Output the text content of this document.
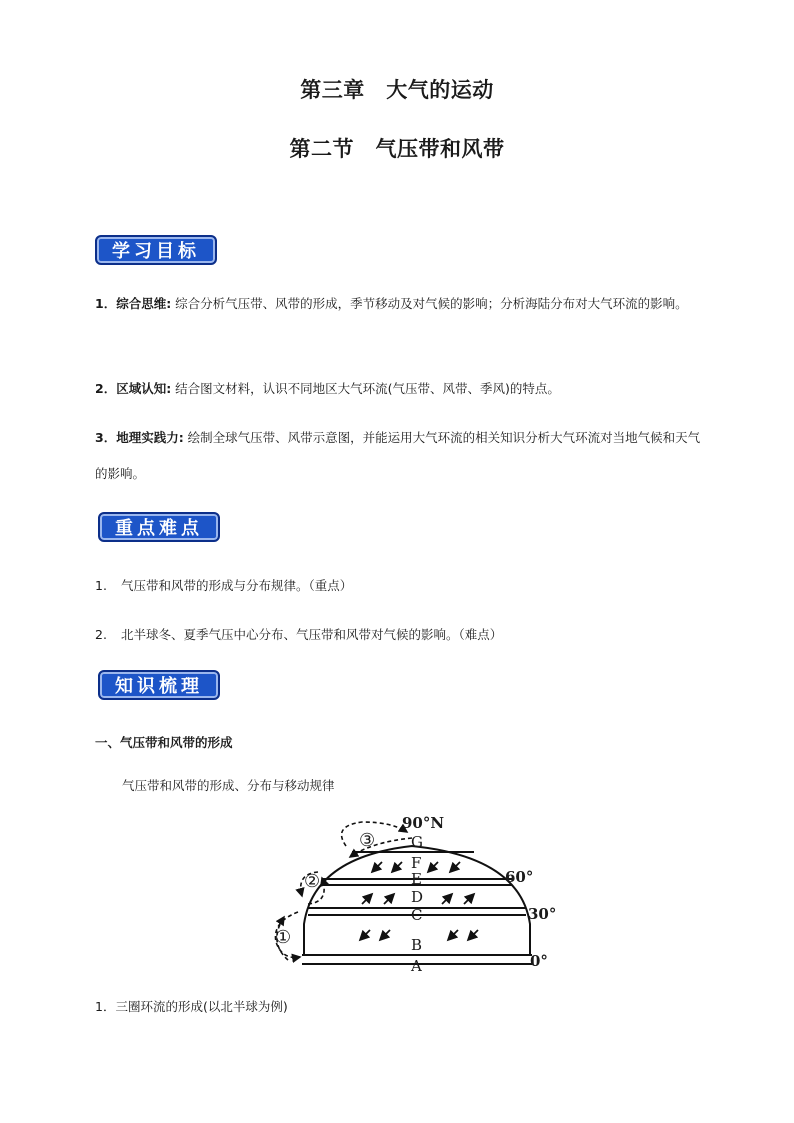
第三章　大气的运动
第二节　气压带和风带
学习目标
1．综合思维: 综合分析气压带、风带的形成，季节移动及对气候的影响；分析海陆分布对大气环流的影响。
2．区域认知: 结合图文材料，认识不同地区大气环流(气压带、风带、季风)的特点。
3．地理实践力: 绘制全球气压带、风带示意图，并能运用大气环流的相关知识分析大气环流对当地气候和天气的影响。
重点难点
1. 气压带和风带的形成与分布规律。（重点）
2. 北半球冬、夏季气压中心分布、气压带和风带对气候的影响。（难点）
知识梳理
一、气压带和风带的形成
气压带和风带的形成、分布与移动规律
90°N
60°
30°
0°
G
F
E
D
C
B
A
①
②
③
1．三圈环流的形成(以北半球为例)
